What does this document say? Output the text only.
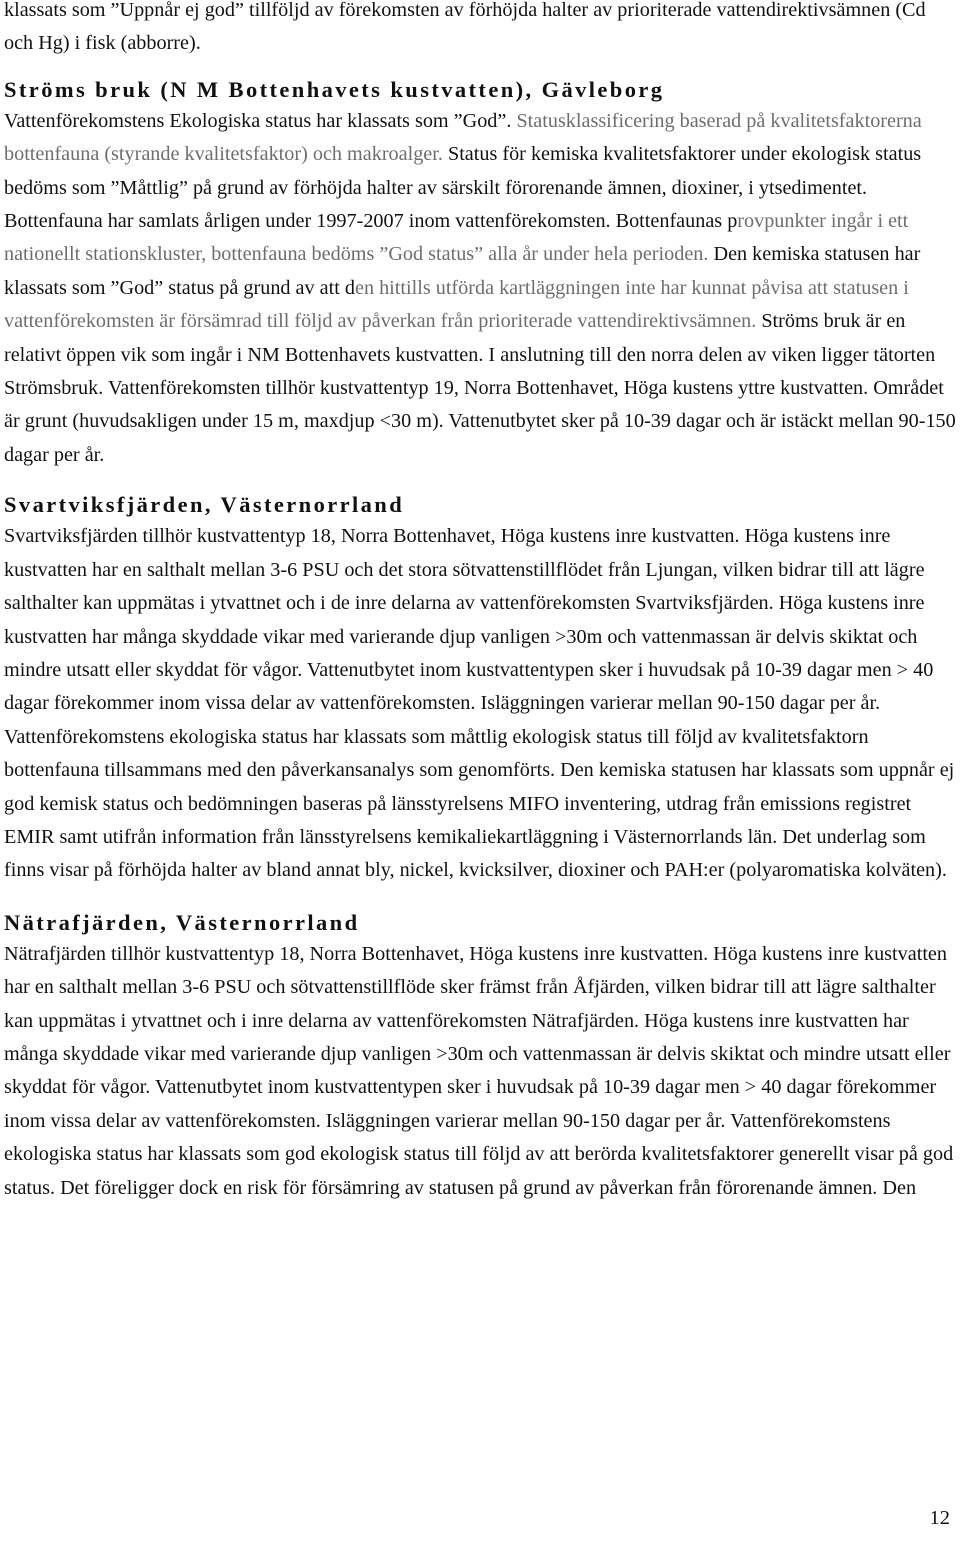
klassats som ”Uppnår ej god” tillföljd av förekomsten av förhöjda halter av prioriterade vattendirektivsämnen (Cd och Hg) i fisk (abborre).

Ströms bruk (N M Bottenhavets kustvatten), Gävleborg

Vattenförekomstens Ekologiska status har klassats som ”God”. Statusklassificering baserad på kvalitetsfaktorerna bottenfauna (styrande kvalitetsfaktor) och makroalger. Status för kemiska kvalitetsfaktorer under ekologisk status bedöms som ”Måttlig” på grund av förhöjda halter av särskilt förorenande ämnen, dioxiner, i ytsedimentet. Bottenfauna har samlats årligen under 1997-2007 inom vattenförekomsten. Bottenfaunas provpunkter ingår i ett nationellt stationskluster, bottenfauna bedöms ”God status” alla år under hela perioden. Den kemiska statusen har klassats som ”God” status på grund av att den hittills utförda kartläggningen inte har kunnat påvisa att statusen i vattenförekomsten är försämrad till följd av påverkan från prioriterade vattendirektivsämnen. Ströms bruk är en relativt öppen vik som ingår i NM Bottenhavets kustvatten. I anslutning till den norra delen av viken ligger tätorten Strömsbruk. Vattenförekomsten tillhör kustvattentyp 19, Norra Bottenhavet, Höga kustens yttre kustvatten. Området är grunt (huvudsakligen under 15 m, maxdjup <30 m). Vattenutbytet sker på 10-39 dagar och är istäckt mellan 90-150 dagar per år.

Svartviksfjärden, Västernorrland

Svartviksfjärden tillhör kustvattentyp 18, Norra Bottenhavet, Höga kustens inre kustvatten. Höga kustens inre kustvatten har en salthalt mellan 3-6 PSU och det stora sötvattenstillflödet från Ljungan, vilken bidrar till att lägre salthalter kan uppmätas i ytvattnet och i de inre delarna av vattenförekomsten Svartviksfjärden. Höga kustens inre kustvatten har många skyddade vikar med varierande djup vanligen >30m och vattenmassan är delvis skiktat och mindre utsatt eller skyddat för vågor. Vattenutbytet inom kustvattentypen sker i huvudsak på 10-39 dagar men > 40 dagar förekommer inom vissa delar av vattenförekomsten. Isläggningen varierar mellan 90-150 dagar per år. Vattenförekomstens ekologiska status har klassats som måttlig ekologisk status till följd av kvalitetsfaktorn bottenfauna tillsammans med den påverkansanalys som genomförts. Den kemiska statusen har klassats som uppnår ej god kemisk status och bedömningen baseras på länsstyrelsens MIFO inventering, utdrag från emissions registret EMIR samt utifrån information från länsstyrelsens kemikaliekartläggning i Västernorrlands län. Det underlag som finns visar på förhöjda halter av bland annat bly, nickel, kvicksilver, dioxiner och PAH:er (polyaromatiska kolväten).

Nätrafjärden, Västernorrland

Nätrafjärden tillhör kustvattentyp 18, Norra Bottenhavet, Höga kustens inre kustvatten. Höga kustens inre kustvatten har en salthalt mellan 3-6 PSU och sötvattenstillflöde sker främst från Åfjärden, vilken bidrar till att lägre salthalter kan uppmätas i ytvattnet och i inre delarna av vattenförekomsten Nätrafjärden. Höga kustens inre kustvatten har många skyddade vikar med varierande djup vanligen >30m och vattenmassan är delvis skiktat och mindre utsatt eller skyddat för vågor. Vattenutbytet inom kustvattentypen sker i huvudsak på 10-39 dagar men > 40 dagar förekommer inom vissa delar av vattenförekomsten. Isläggningen varierar mellan 90-150 dagar per år. Vattenförekomstens ekologiska status har klassats som god ekologisk status till följd av att berörda kvalitetsfaktorer generellt visar på god status. Det föreligger dock en risk för försämring av statusen på grund av påverkan från förorenande ämnen. Den

12
